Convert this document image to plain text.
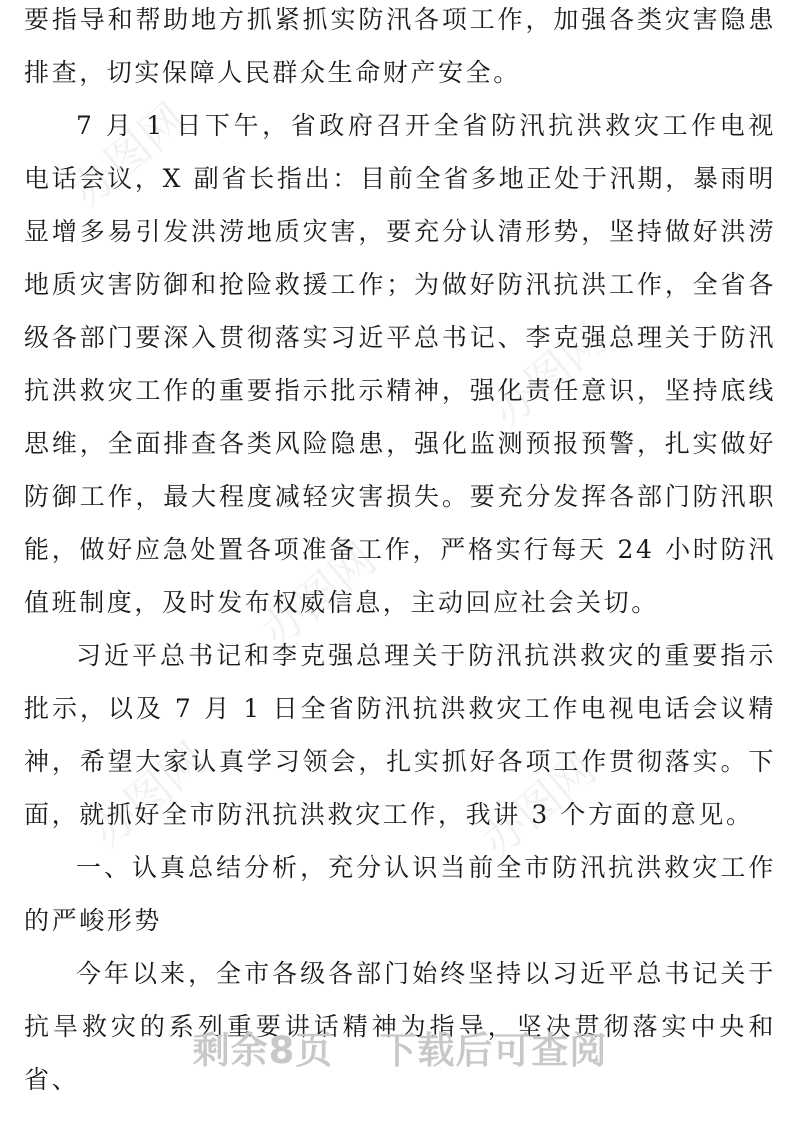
办图网
办图网
办图网
办图网	办图网

要指导和帮助地方抓紧抓实防汛各项工作，加强各类灾害隐患排查，切实保障人民群众生命财产安全。

7 月 1 日下午，省政府召开全省防汛抗洪救灾工作电视电话会议，X 副省长指出：目前全省多地正处于汛期，暴雨明显增多易引发洪涝地质灾害，要充分认清形势，坚持做好洪涝地质灾害防御和抢险救援工作；为做好防汛抗洪工作，全省各级各部门要深入贯彻落实习近平总书记、李克强总理关于防汛抗洪救灾工作的重要指示批示精神，强化责任意识，坚持底线思维，全面排查各类风险隐患，强化监测预报预警，扎实做好防御工作，最大程度减轻灾害损失。要充分发挥各部门防汛职能，做好应急处置各项准备工作，严格实行每天 24 小时防汛值班制度，及时发布权威信息，主动回应社会关切。

习近平总书记和李克强总理关于防汛抗洪救灾的重要指示批示，以及 7 月 1 日全省防汛抗洪救灾工作电视电话会议精神，希望大家认真学习领会，扎实抓好各项工作贯彻落实。下面，就抓好全市防汛抗洪救灾工作，我讲 3 个方面的意见。

一、认真总结分析，充分认识当前全市防汛抗洪救灾工作的严峻形势

今年以来，全市各级各部门始终坚持以习近平总书记关于抗旱救灾的系列重要讲话精神为指导，坚决贯彻落实中央和省、

剩余8页 下载后可查阅
